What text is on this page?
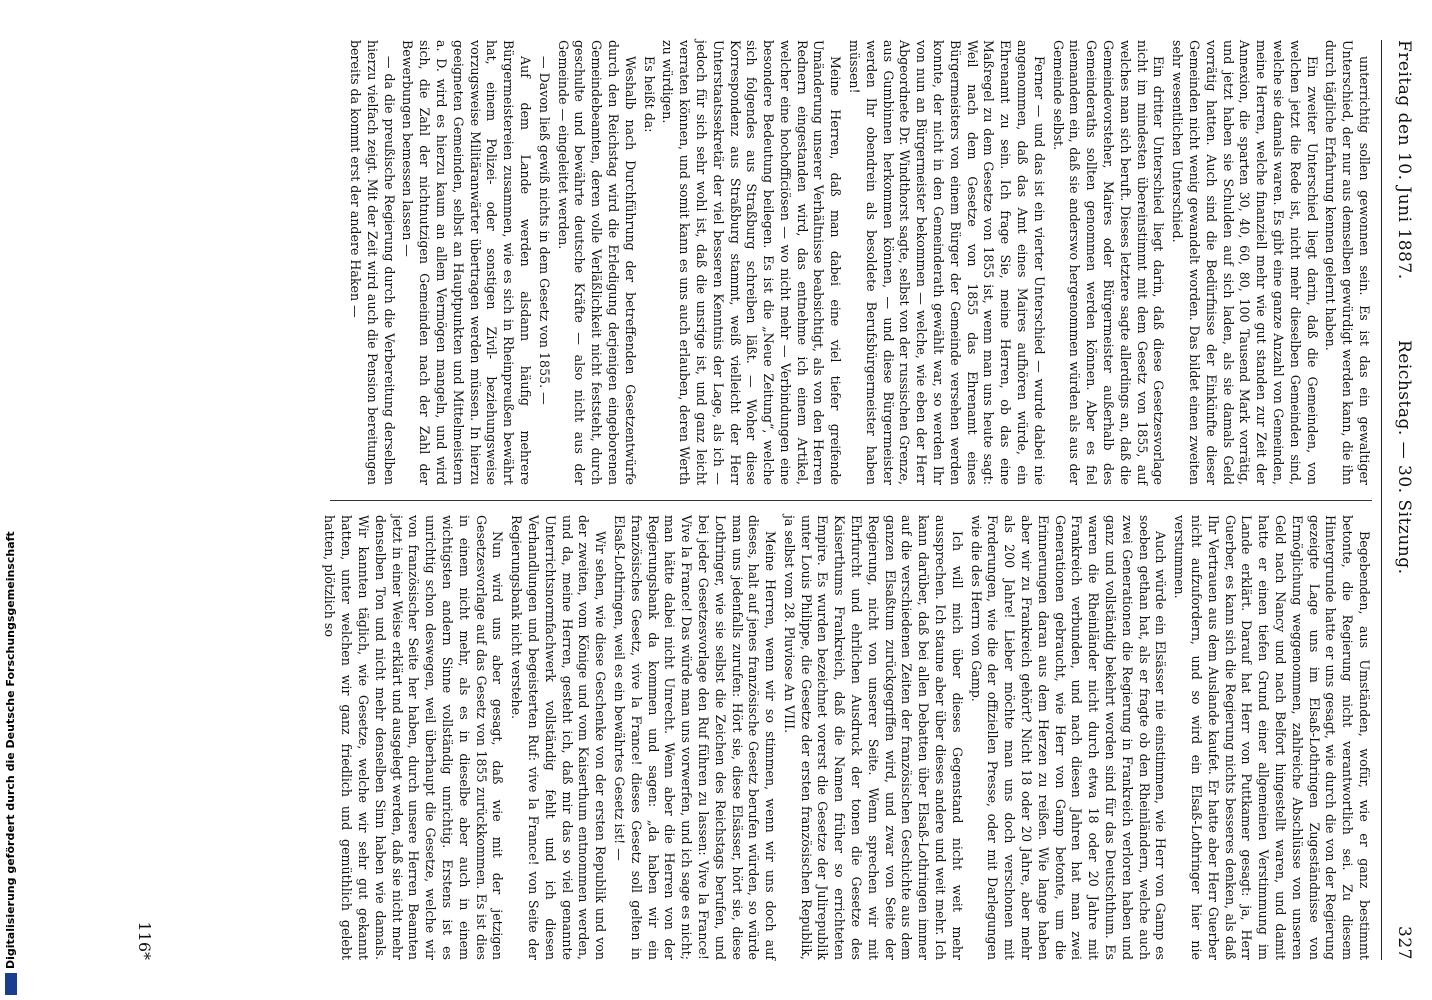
Freitag den 10. Juni 1887.
Reichstag. — 30. Sitzung.
327

unterrichtig sollen gewonnen sein. Es ist das ein gewaltiger Unterschied, der nur aus demselben gewürdigt werden kann, die ihn durch tägliche Erfahrung kennen gelernt haben.

Ein zweiter Unterschied liegt darin, daß die Gemeinden, von welchen jetzt die Rede ist, nicht mehr dieselben Gemeinden sind, welche sie damals waren. Es gibt eine ganze Anzahl von Gemeinden, meine Herren, welche finanziell mehr wie gut standen zur Zeit der Annexion, die sparten 30, 40, 60, 80, 100 Tausend Mark vorrätig, und jetzt haben sie Schulden auf sich laden, als sie damals Geld vorrätig hatten. Auch sind die Bedürfnisse der Einkünfte dieser Gemeinden nicht wenig gewandelt worden. Das bildet einen zweiten sehr wesentlichen Unterschied.

Ein dritter Unterschied liegt darin, daß diese Gesetzesvorlage nicht im mindesten übereinstimmt mit dem Gesetz von 1855, auf welches man sich beruft. Dieses letztere sagte allerdings an, daß die Gemeindevorsteher, Maires oder Bürgermeister außerhalb des Gemeinderaths sollten genommen werden können. Aber es fiel niemandem ein, daß sie anderswo hergenommen würden als aus der Gemeinde selbst.

Ferner — und das ist ein vierter Unterschied — wurde dabei nie angenommen, daß das Amt eines Maires aufhören würde, ein Ehrenamt zu sein. Ich frage Sie, meine Herren, ob das eine Maßregel zu dem Gesetze von 1855 ist, wenn man uns heute sagt: Weil nach dem Gesetze von 1855 das Ehrenamt eines Bürgermeisters von einem Bürger der Gemeinde versehen werden konnte, der nicht in den Gemeinderath gewählt war, so werden Ihr von nun an Bürgermeister bekommen — welche, wie eben der Herr Abgeordnete Dr. Windthorst sagte, selbst von der russischen Grenze, aus Gumbinnen herkommen können, — und diese Bürgermeister werden Ihr obendrein als besoldete Berufsbürgermeister haben müssen!

Meine Herren, daß man dabei eine viel tiefer greifende Umänderung unserer Verhältnisse beabsichtigt, als von den Herren Rednern eingestanden wird, das entnehme ich einem Artikel, welcher eine hochofficiösen — wo nicht mehr — Verbindungen eine besondere Bedeutung beilegen. Es ist die „Neue Zeitung“, welche sich folgendes aus Straßburg schreiben läßt. — Woher diese Korrespondenz aus Straßburg stammt, weiß vielleicht der Herr Unterstaatssekretär der viel besseren Kenntnis der Lage, als ich — jedoch für sich sehr wohl ist, daß die unsrige ist, und ganz leicht verraten können, und somit kann es uns auch erlauben, deren Werth zu würdigen.

Es heißt da:

Weshalb nach Durchführung der betreffenden Gesetzentwürfe durch den Reichstag wird die Erledigung derjenigen eingeborenen Gemeindebeamten, deren volle Verläßlichkeit nicht feststeht, durch geschulte und bewährte deutsche Kräfte — also nicht aus der Gemeinde — eingeleitet werden.

— Davon ließ gewiß nichts in dem Gesetz von 1855. —

Auf dem Lande werden alsdann häufig mehrere Bürgermeistereien zusammen, wie es sich in Rheinpreußen bewährt hat, einem Polizei- oder sonstigen Zivil- beziehungsweise vorzugsweise Militäranwärter übertragen werden müssen. In hierzu geeigneten Gemeinden, selbst an Hauptpunkten und Mittelmeistern a. D. wird es hierzu kaum an allem Vermögen mangeln, und wird sich, die Zahl der nichtnutzigen Gemeinden nach der Zahl der Bewerbungen bemessen lassen —

— da die preußische Regierung durch die Verbereitung derselben hierzu vielfach zeigt. Mit der Zeit wird auch die Pension bereitungen bereits da kommt erst der andere Haken —

Begebenden, aus Umständen, wofür, wie er ganz bestimmt betonte, die Regierung nicht verantwortlich sei. Zu diesem Hintergrunde hatte er uns gesagt, wie durch die von der Regierung gezeigte Lage uns im Elsaß-Lothringen Zugeständnisse von Ermöglichung weggenommen, zahlreiche Abschlüsse von unseren Geld nach Nancy und nach Belfort hingestellt waren, und damit hatte er einen tiefen Grund einer allgemeinen Verstimmung im Lande erklärt. Darauf hat Herr von Puttkamer gesagt: ja, Herr Guerber, es kann sich die Regierung nichts besseres denken, als daß Ihr Vertrauen aus dem Auslande kaufet. Er hatte aber Herr Guerber nicht aufzufordern, und so wird ein Elsaß-Lothringer hier nie verstummen.

Auch würde ein Elsässer nie einstimmen, wie Herr von Gamp es soeben gethan hat, als er fragte ob den Rheinländern, welche auch zwei Generationen die Regierung in Frankreich verloren haben und ganz und vollständig bekehrt worden sind für das Deutschthum. Es waren die Rheinländer nicht durch etwa 18 oder 20 Jahre mit Frankreich verbunden, und nach diesen Jahren hat man zwei Generationen gebraucht, wie Herr von Gamp betonte, um die Erinnerungen daran aus dem Herzen zu reißen. Wie lange haben aber wir zu Frankreich gehört? Nicht 18 oder 20 Jahre, aber mehr als 200 Jahre! Lieber möchte man uns doch verschonen mit Forderungen, wie die der offiziellen Presse, oder mit Darlegungen wie die des Herrn von Gamp.

Ich will mich über dieses Gegenstand nicht weit mehr aussprechen. Ich staune aber über dieses andere und weit mehr. Ich kann darüber, daß bei allen Debatten über Elsaß-Lothringen immer auf die verschiedenen Zeiten der französischen Geschichte aus dem ganzen Elsaßtum zurückgegriffen wird, und zwar von Seite der Regierung, nicht von unserer Seite. Wenn sprechen wir mit Ehrfurcht und ehrlichen Ausdruck der tonen die Gesetze des Kaiserthums Frankreich, daß die Namen früher so errichteten Empire. Es wurden bezeichnet vorerst die Gesetze der Julirepublik unter Louis Philippe, die Gesetze der ersten französischen Republik, ja selbst vom 28. Pluviose An VIII.

Meine Herren, wenn wir so stimmen, wenn wir uns doch auf dieses, halt auf jenes französische Gesetz berufen würden, so würde man uns jedenfalls zurufen: Hört sie, diese Elsässer, hört sie, diese Lothringer, wie sie selbst die Zeichen des Reichstags berufen, und bei jeder Gesetzesvorlage den Ruf führen zu lassen: Vive la France! Vive la France! Das würde man uns vorwerfen, und ich sage es nicht; man hätte dabei nicht Unrecht. Wenn aber die Herren von der Regierungsbank da kommen und sagen: „da haben wir ein französisches Gesetz, vive la France! dieses Gesetz soll gelten in Elsaß-Lothringen, weil es ein bewährtes Gesetz ist! —

Wir sehen, wie diese Geschenke von der ersten Republik und von der zweiten, vom Könige und vom Kaiserthum entnommen werden, und da, meine Herren, gesteht ich, daß mir das so viel genannte Unterrichtsnormfachwerk vollständig fehlt und ich diesen Verhandlungen und begeisterten Ruf: vive la France! von Seite der Regierungsbank nicht verstehe.

Nun wird uns aber gesagt, daß wie mit der jetzigen Gesetzesvorlage auf das Gesetz von 1855 zurückkommen. Es ist dies in einem nicht mehr, als es in dieselbe aber auch in einem wichtigsten andern Sinne vollständig unrichtig. Erstens ist es unrichtig schon deswegen, weil überhaupt die Gesetze, welche wir von französischer Seite her haben, durch unsere Herren Beamten jetzt in einer Weise erklärt und ausgelegt werden, daß sie nicht mehr denselben Ton und nicht mehr denselben Sinn haben wie damals. Wir kannten täglich, wie Gesetze, welche wir sehr gut gekannt hatten, unter welchen wir ganz friedlich und gemüthlich gelebt hatten, plötzlich so

116*
Digitalisierung gefördert durch die Deutsche Forschungsgemeinschaft
